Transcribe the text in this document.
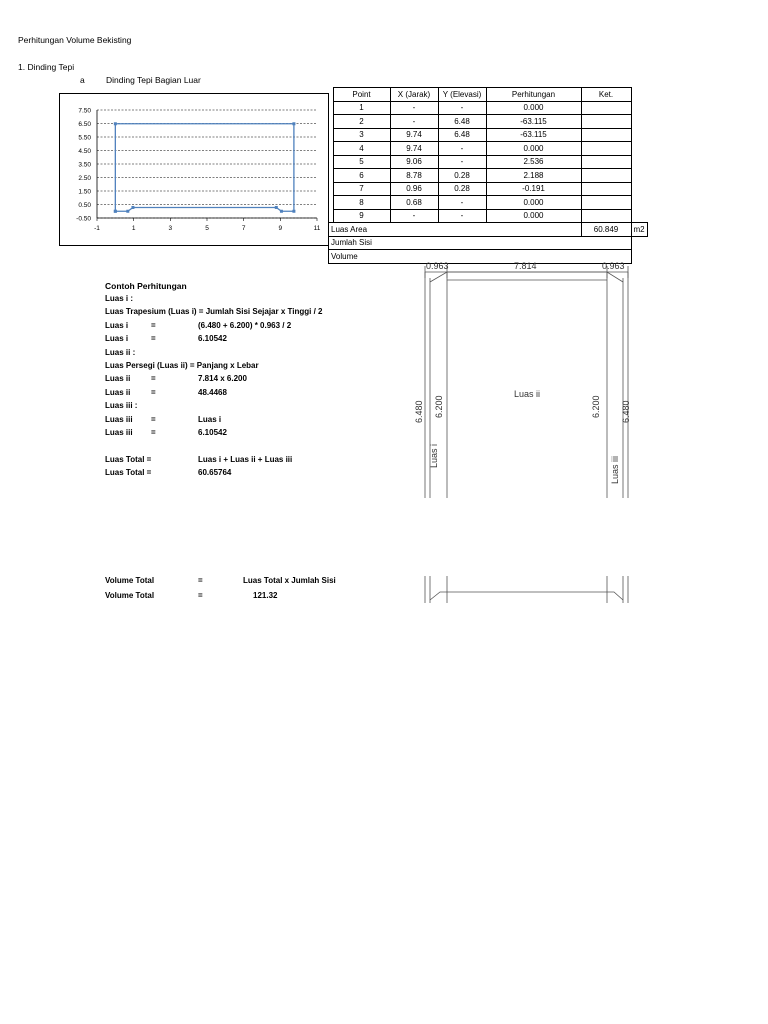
Perhitungan Volume Bekisting
1. Dinding Tepi
a	Dinding Tepi Bagian Luar
7.50
6.50
5.50
4.50
3.50
2.50
1.50
0.50
-0.50
-1	1	3	5	7	9	11
	Point	X (Jarak)	Y (Elevasi)	Perhitungan	Ket.	
	1	-	-	0.000		
	2	-	6.48	-63.115		
	3	9.74	6.48	-63.115		
	4	9.74	-	0.000		
	5	9.06	-	2.536		
	6	8.78	0.28	2.188		
	7	0.96	0.28	-0.191		
	8	0.68	-	0.000		
	9	-	-	0.000		
Luas Area					60.849	m2
Jumlah Sisi						
Volume						
Contoh Perhitungan
Luas i :
Luas Trapesium (Luas i) = Jumlah Sisi Sejajar x Tinggi / 2
Luas i	=	(6.480 + 6.200) * 0.963 / 2
Luas i	=	6.10542
Luas ii :
Luas Persegi (Luas ii) = Panjang x Lebar
Luas ii	=	7.814 x 6.200
Luas ii	=	48.4468
Luas iii :
Luas iii =	Luas i
Luas iii =	6.10542
Luas Total =	Luas i + Luas ii + Luas iii
Luas Total =	60.65764
Volume Total	=	Luas Total x Jumlah Sisi
Volume Total	=	121.32
0.963	7.814	0.963
Luas ii
6.480 6.200
Luas i
6.200 6.480
Luas iii
